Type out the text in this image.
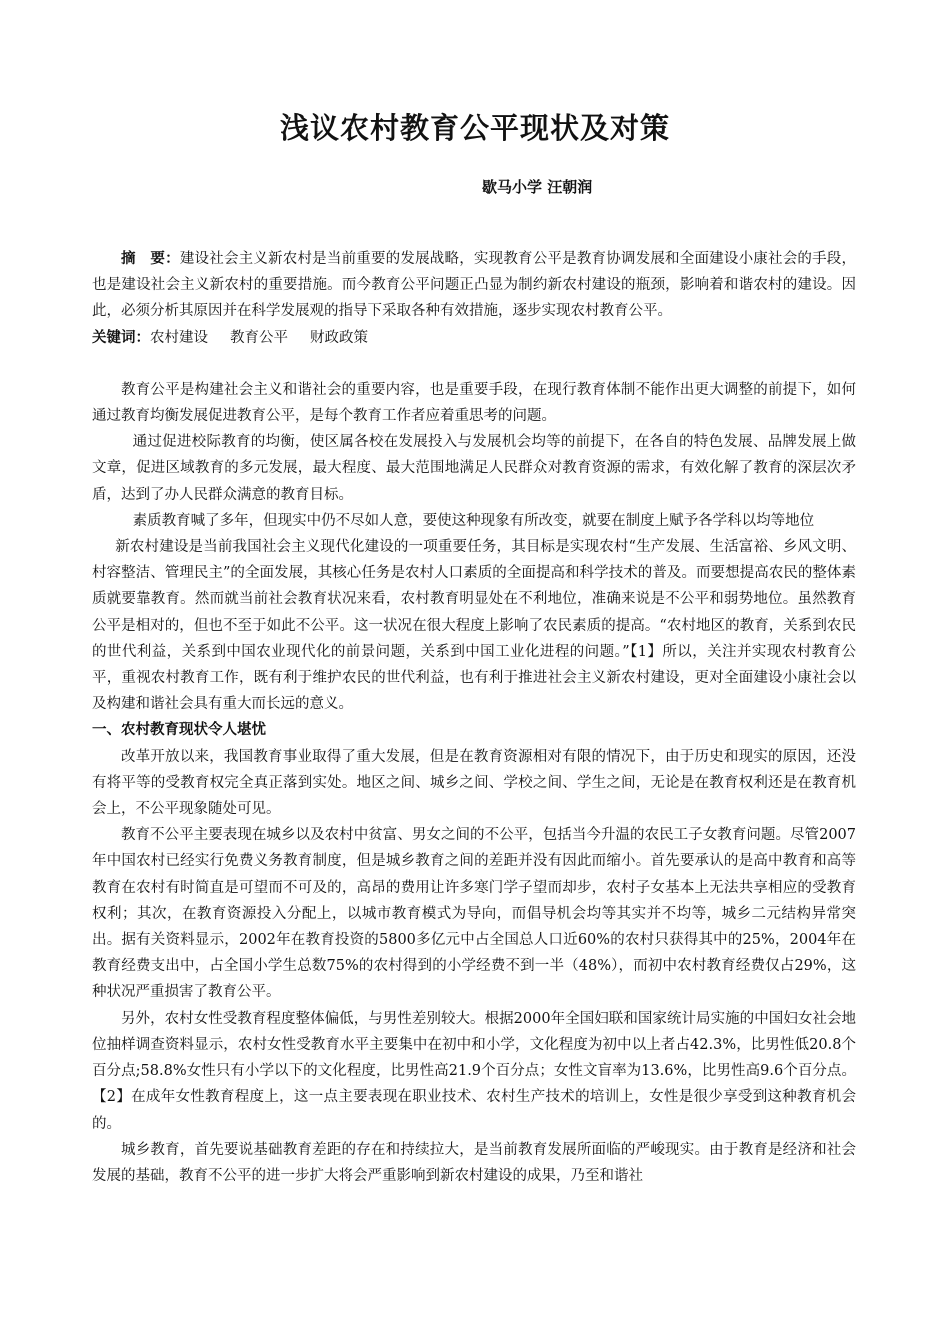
浅议农村教育公平现状及对策
歇马小学 汪朝润

摘　要：建设社会主义新农村是当前重要的发展战略，实现教育公平是教育协调发展和全面建设小康社会的手段，也是建设社会主义新农村的重要措施。而今教育公平问题正凸显为制约新农村建设的瓶颈，影响着和谐农村的建设。因此，必须分析其原因并在科学发展观的指导下采取各种有效措施，逐步实现农村教育公平。

关键词：农村建设 教育公平 财政政策

教育公平是构建社会主义和谐社会的重要内容，也是重要手段，在现行教育体制不能作出更大调整的前提下，如何通过教育均衡发展促进教育公平，是每个教育工作者应着重思考的问题。

通过促进校际教育的均衡，使区属各校在发展投入与发展机会均等的前提下，在各自的特色发展、品牌发展上做文章，促进区域教育的多元发展，最大程度、最大范围地满足人民群众对教育资源的需求，有效化解了教育的深层次矛盾，达到了办人民群众满意的教育目标。

素质教育喊了多年，但现实中仍不尽如人意，要使这种现象有所改变，就要在制度上赋予各学科以均等地位

新农村建设是当前我国社会主义现代化建设的一项重要任务，其目标是实现农村“生产发展、生活富裕、乡风文明、村容整洁、管理民主”的全面发展，其核心任务是农村人口素质的全面提高和科学技术的普及。而要想提高农民的整体素质就要靠教育。然而就当前社会教育状况来看，农村教育明显处在不利地位，准确来说是不公平和弱势地位。虽然教育公平是相对的，但也不至于如此不公平。这一状况在很大程度上影响了农民素质的提高。“农村地区的教育，关系到农民的世代利益，关系到中国农业现代化的前景问题，关系到中国工业化进程的问题。”【1】所以，关注并实现农村教育公平，重视农村教育工作，既有利于维护农民的世代利益，也有利于推进社会主义新农村建设，更对全面建设小康社会以及构建和谐社会具有重大而长远的意义。

一、农村教育现状令人堪忧

改革开放以来，我国教育事业取得了重大发展，但是在教育资源相对有限的情况下，由于历史和现实的原因，还没有将平等的受教育权完全真正落到实处。地区之间、城乡之间、学校之间、学生之间，无论是在教育权利还是在教育机会上，不公平现象随处可见。

教育不公平主要表现在城乡以及农村中贫富、男女之间的不公平，包括当今升温的农民工子女教育问题。尽管2007年中国农村已经实行免费义务教育制度，但是城乡教育之间的差距并没有因此而缩小。首先要承认的是高中教育和高等教育在农村有时简直是可望而不可及的，高昂的费用让许多寒门学子望而却步，农村子女基本上无法共享相应的受教育权利；其次，在教育资源投入分配上，以城市教育模式为导向，而倡导机会均等其实并不均等，城乡二元结构异常突出。据有关资料显示，2002年在教育投资的5800多亿元中占全国总人口近60%的农村只获得其中的25%，2004年在教育经费支出中，占全国小学生总数75%的农村得到的小学经费不到一半（48%），而初中农村教育经费仅占29%，这种状况严重损害了教育公平。

另外，农村女性受教育程度整体偏低，与男性差别较大。根据2000年全国妇联和国家统计局实施的中国妇女社会地位抽样调查资料显示，农村女性受教育水平主要集中在初中和小学，文化程度为初中以上者占42.3%，比男性低20.8个百分点;58.8%女性只有小学以下的文化程度，比男性高21.9个百分点；女性文盲率为13.6%，比男性高9.6个百分点。【2】在成年女性教育程度上，这一点主要表现在职业技术、农村生产技术的培训上，女性是很少享受到这种教育机会的。

城乡教育，首先要说基础教育差距的存在和持续拉大，是当前教育发展所面临的严峻现实。由于教育是经济和社会发展的基础，教育不公平的进一步扩大将会严重影响到新农村建设的成果，乃至和谐社
